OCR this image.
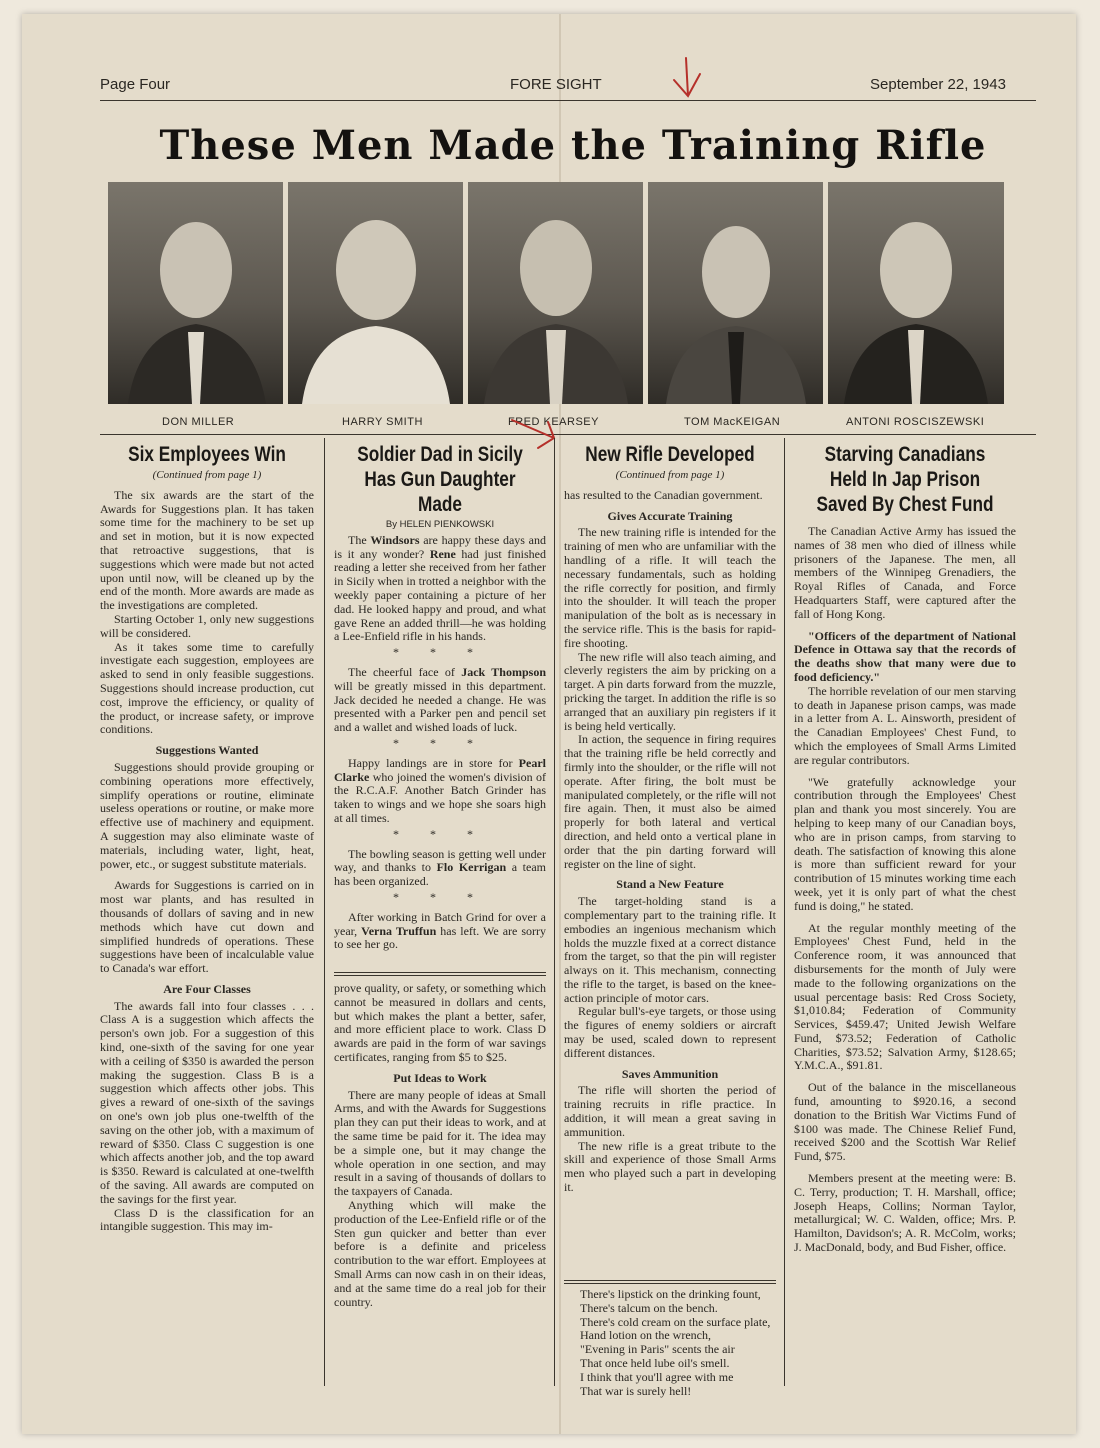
Page Four	FORE SIGHT	September 22, 1943
These Men Made the Training Rifle
DON MILLER	HARRY SMITH	FRED KEARSEY	TOM MacKEIGAN	ANTONI ROSCISZEWSKI
Six Employees Win

(Continued from page 1)

The six awards are the start of the Awards for Suggestions plan. It has taken some time for the machinery to be set up and set in motion, but it is now expected that retroactive suggestions, that is suggestions which were made but not acted upon until now, will be cleaned up by the end of the month. More awards are made as the investigations are completed.

Starting October 1, only new suggestions will be considered.

As it takes some time to carefully investigate each suggestion, employees are asked to send in only feasible suggestions. Suggestions should increase production, cut cost, improve the efficiency, or quality of the product, or increase safety, or improve conditions.

Suggestions Wanted

Suggestions should provide grouping or combining operations more effectively, simplify operations or routine, eliminate useless operations or routine, or make more effective use of machinery and equipment. A suggestion may also eliminate waste of materials, including water, light, heat, power, etc., or suggest substitute materials.

Awards for Suggestions is carried on in most war plants, and has resulted in thousands of dollars of saving and in new methods which have cut down and simplified hundreds of operations. These suggestions have been of incalculable value to Canada's war effort.

Are Four Classes

The awards fall into four classes . . . Class A is a suggestion which affects the person's own job. For a suggestion of this kind, one-sixth of the saving for one year with a ceiling of $350 is awarded the person making the suggestion. Class B is a suggestion which affects other jobs. This gives a reward of one-sixth of the savings on one's own job plus one-twelfth of the saving on the other job, with a maximum of reward of $350. Class C suggestion is one which affects another job, and the top award is $350. Reward is calculated at one-twelfth of the saving. All awards are computed on the savings for the first year.

Class D is the classification for an intangible suggestion. This may im-

Soldier Dad in Sicily Has Gun Daughter Made

By HELEN PIENKOWSKI

The Windsors are happy these days and is it any wonder? Rene had just finished reading a letter she received from her father in Sicily when in trotted a neighbor with the weekly paper containing a picture of her dad. He looked happy and proud, and what gave Rene an added thrill—he was holding a Lee-Enfield rifle in his hands.

* * *

The cheerful face of Jack Thompson will be greatly missed in this department. Jack decided he needed a change. He was presented with a Parker pen and pencil set and a wallet and wished loads of luck.

* * *

Happy landings are in store for Pearl Clarke who joined the women's division of the R.C.A.F. Another Batch Grinder has taken to wings and we hope she soars high at all times.

* * *

The bowling season is getting well under way, and thanks to Flo Kerrigan a team has been organized.

* * *

After working in Batch Grind for over a year, Verna Truffun has left. We are sorry to see her go.

prove quality, or safety, or something which cannot be measured in dollars and cents, but which makes the plant a better, safer, and more efficient place to work. Class D awards are paid in the form of war savings certificates, ranging from $5 to $25.

Put Ideas to Work

There are many people of ideas at Small Arms, and with the Awards for Suggestions plan they can put their ideas to work, and at the same time be paid for it. The idea may be a simple one, but it may change the whole operation in one section, and may result in a saving of thousands of dollars to the taxpayers of Canada.

Anything which will make the production of the Lee-Enfield rifle or of the Sten gun quicker and better than ever before is a definite and priceless contribution to the war effort. Employees at Small Arms can now cash in on their ideas, and at the same time do a real job for their country.

New Rifle Developed

(Continued from page 1)

has resulted to the Canadian government.

Gives Accurate Training

The new training rifle is intended for the training of men who are unfamiliar with the handling of a rifle. It will teach the necessary fundamentals, such as holding the rifle correctly for position, and firmly into the shoulder. It will teach the proper manipulation of the bolt as is necessary in the service rifle. This is the basis for rapid-fire shooting.

The new rifle will also teach aiming, and cleverly registers the aim by pricking on a target. A pin darts forward from the muzzle, pricking the target. In addition the rifle is so arranged that an auxiliary pin registers if it is being held vertically.

In action, the sequence in firing requires that the training rifle be held correctly and firmly into the shoulder, or the rifle will not operate. After firing, the bolt must be manipulated completely, or the rifle will not fire again. Then, it must also be aimed properly for both lateral and vertical direction, and held onto a vertical plane in order that the pin darting forward will register on the line of sight.

Stand a New Feature

The target-holding stand is a complementary part to the training rifle. It embodies an ingenious mechanism which holds the muzzle fixed at a correct distance from the target, so that the pin will register always on it. This mechanism, connecting the rifle to the target, is based on the knee-action principle of motor cars.

Regular bull's-eye targets, or those using the figures of enemy soldiers or aircraft may be used, scaled down to represent different distances.

Saves Ammunition

The rifle will shorten the period of training recruits in rifle practice. In addition, it will mean a great saving in ammunition.

The new rifle is a great tribute to the skill and experience of those Small Arms men who played such a part in developing it.

There's lipstick on the drinking fount,

There's talcum on the bench.

There's cold cream on the surface plate,

Hand lotion on the wrench,

"Evening in Paris" scents the air

That once held lube oil's smell.

I think that you'll agree with me

That war is surely hell!

Starving Canadians Held In Jap Prison Saved By Chest Fund

The Canadian Active Army has issued the names of 38 men who died of illness while prisoners of the Japanese. The men, all members of the Winnipeg Grenadiers, the Royal Rifles of Canada, and Force Headquarters Staff, were captured after the fall of Hong Kong.

"Officers of the department of National Defence in Ottawa say that the records of the deaths show that many were due to food deficiency."

The horrible revelation of our men starving to death in Japanese prison camps, was made in a letter from A. L. Ainsworth, president of the Canadian Employees' Chest Fund, to which the employees of Small Arms Limited are regular contributors.

"We gratefully acknowledge your contribution through the Employees' Chest plan and thank you most sincerely. You are helping to keep many of our Canadian boys, who are in prison camps, from starving to death. The satisfaction of knowing this alone is more than sufficient reward for your contribution of 15 minutes working time each week, yet it is only part of what the chest fund is doing," he stated.

At the regular monthly meeting of the Employees' Chest Fund, held in the Conference room, it was announced that disbursements for the month of July were made to the following organizations on the usual percentage basis: Red Cross Society, $1,010.84; Federation of Community Services, $459.47; United Jewish Welfare Fund, $73.52; Federation of Catholic Charities, $73.52; Salvation Army, $128.65; Y.M.C.A., $91.81.

Out of the balance in the miscellaneous fund, amounting to $920.16, a second donation to the British War Victims Fund of $100 was made. The Chinese Relief Fund, received $200 and the Scottish War Relief Fund, $75.

Members present at the meeting were: B. C. Terry, production; T. H. Marshall, office; Joseph Heaps, Collins; Norman Taylor, metallurgical; W. C. Walden, office; Mrs. P. Hamilton, Davidson's; A. R. McColm, works; J. MacDonald, body, and Bud Fisher, office.
